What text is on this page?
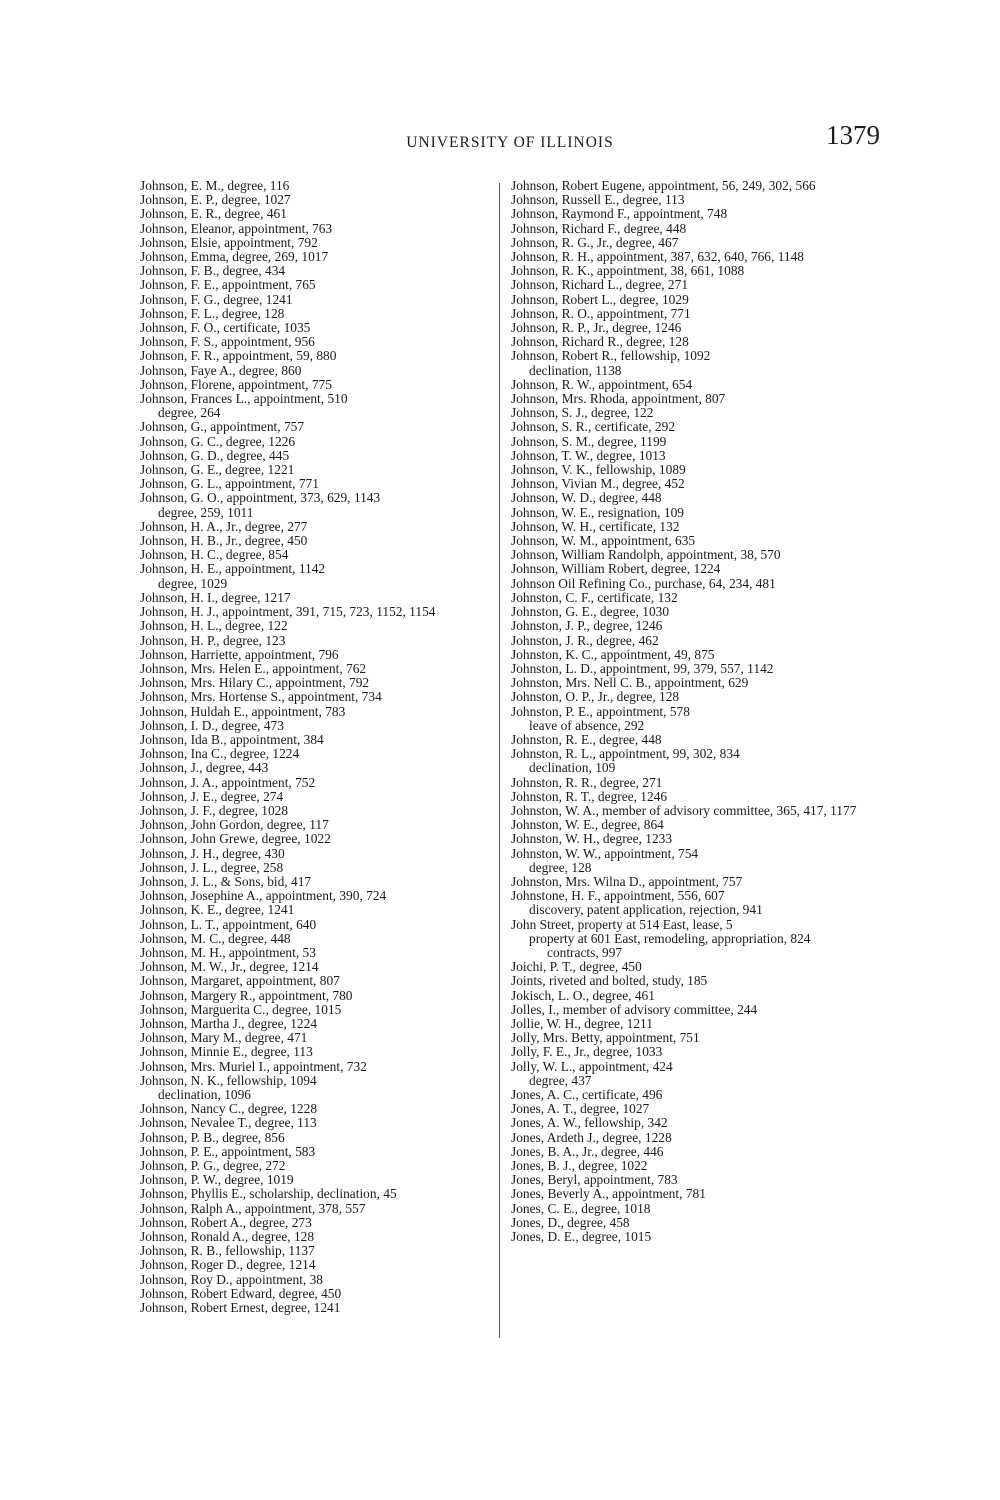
UNIVERSITY OF ILLINOIS	1379
Johnson, E. M., degree, 116
Johnson, E. P., degree, 1027
Johnson, E. R., degree, 461
Johnson, Eleanor, appointment, 763
Johnson, Elsie, appointment, 792
Johnson, Emma, degree, 269, 1017
Johnson, F. B., degree, 434
Johnson, F. E., appointment, 765
Johnson, F. G., degree, 1241
Johnson, F. L., degree, 128
Johnson, F. O., certificate, 1035
Johnson, F. S., appointment, 956
Johnson, F. R., appointment, 59, 880
Johnson, Faye A., degree, 860
Johnson, Florene, appointment, 775
Johnson, Frances L., appointment, 510
degree, 264
Johnson, G., appointment, 757
Johnson, G. C., degree, 1226
Johnson, G. D., degree, 445
Johnson, G. E., degree, 1221
Johnson, G. L., appointment, 771
Johnson, G. O., appointment, 373, 629, 1143
degree, 259, 1011
Johnson, H. A., Jr., degree, 277
Johnson, H. B., Jr., degree, 450
Johnson, H. C., degree, 854
Johnson, H. E., appointment, 1142
degree, 1029
Johnson, H. I., degree, 1217
Johnson, H. J., appointment, 391, 715, 723, 1152, 1154
Johnson, H. L., degree, 122
Johnson, H. P., degree, 123
Johnson, Harriette, appointment, 796
Johnson, Mrs. Helen E., appointment, 762
Johnson, Mrs. Hilary C., appointment, 792
Johnson, Mrs. Hortense S., appointment, 734
Johnson, Huldah E., appointment, 783
Johnson, I. D., degree, 473
Johnson, Ida B., appointment, 384
Johnson, Ina C., degree, 1224
Johnson, J., degree, 443
Johnson, J. A., appointment, 752
Johnson, J. E., degree, 274
Johnson, J. F., degree, 1028
Johnson, John Gordon, degree, 117
Johnson, John Grewe, degree, 1022
Johnson, J. H., degree, 430
Johnson, J. L., degree, 258
Johnson, J. L., & Sons, bid, 417
Johnson, Josephine A., appointment, 390, 724
Johnson, K. E., degree, 1241
Johnson, L. T., appointment, 640
Johnson, M. C., degree, 448
Johnson, M. H., appointment, 53
Johnson, M. W., Jr., degree, 1214
Johnson, Margaret, appointment, 807
Johnson, Margery R., appointment, 780
Johnson, Marguerita C., degree, 1015
Johnson, Martha J., degree, 1224
Johnson, Mary M., degree, 471
Johnson, Minnie E., degree, 113
Johnson, Mrs. Muriel I., appointment, 732
Johnson, N. K., fellowship, 1094
declination, 1096
Johnson, Nancy C., degree, 1228
Johnson, Nevalee T., degree, 113
Johnson, P. B., degree, 856
Johnson, P. E., appointment, 583
Johnson, P. G., degree, 272
Johnson, P. W., degree, 1019
Johnson, Phyllis E., scholarship, declination, 45
Johnson, Ralph A., appointment, 378, 557
Johnson, Robert A., degree, 273
Johnson, Ronald A., degree, 128
Johnson, R. B., fellowship, 1137
Johnson, Roger D., degree, 1214
Johnson, Roy D., appointment, 38
Johnson, Robert Edward, degree, 450
Johnson, Robert Ernest, degree, 1241
Johnson, Robert Eugene, appointment, 56, 249, 302, 566
Johnson, Russell E., degree, 113
Johnson, Raymond F., appointment, 748
Johnson, Richard F., degree, 448
Johnson, R. G., Jr., degree, 467
Johnson, R. H., appointment, 387, 632, 640, 766, 1148
Johnson, R. K., appointment, 38, 661, 1088
Johnson, Richard L., degree, 271
Johnson, Robert L., degree, 1029
Johnson, R. O., appointment, 771
Johnson, R. P., Jr., degree, 1246
Johnson, Richard R., degree, 128
Johnson, Robert R., fellowship, 1092
declination, 1138
Johnson, R. W., appointment, 654
Johnson, Mrs. Rhoda, appointment, 807
Johnson, S. J., degree, 122
Johnson, S. R., certificate, 292
Johnson, S. M., degree, 1199
Johnson, T. W., degree, 1013
Johnson, V. K., fellowship, 1089
Johnson, Vivian M., degree, 452
Johnson, W. D., degree, 448
Johnson, W. E., resignation, 109
Johnson, W. H., certificate, 132
Johnson, W. M., appointment, 635
Johnson, William Randolph, appointment, 38, 570
Johnson, William Robert, degree, 1224
Johnson Oil Refining Co., purchase, 64, 234, 481
Johnston, C. F., certificate, 132
Johnston, G. E., degree, 1030
Johnston, J. P., degree, 1246
Johnston, J. R., degree, 462
Johnston, K. C., appointment, 49, 875
Johnston, L. D., appointment, 99, 379, 557, 1142
Johnston, Mrs. Nell C. B., appointment, 629
Johnston, O. P., Jr., degree, 128
Johnston, P. E., appointment, 578
leave of absence, 292
Johnston, R. E., degree, 448
Johnston, R. L., appointment, 99, 302, 834
declination, 109
Johnston, R. R., degree, 271
Johnston, R. T., degree, 1246
Johnston, W. A., member of advisory committee, 365, 417, 1177
Johnston, W. E., degree, 864
Johnston, W. H., degree, 1233
Johnston, W. W., appointment, 754
degree, 128
Johnston, Mrs. Wilna D., appointment, 757
Johnstone, H. F., appointment, 556, 607
discovery, patent application, rejection, 941
John Street, property at 514 East, lease, 5
property at 601 East, remodeling, appropriation, 824
contracts, 997
Joichi, P. T., degree, 450
Joints, riveted and bolted, study, 185
Jokisch, L. O., degree, 461
Jolles, I., member of advisory committee, 244
Jollie, W. H., degree, 1211
Jolly, Mrs. Betty, appointment, 751
Jolly, F. E., Jr., degree, 1033
Jolly, W. L., appointment, 424
degree, 437
Jones, A. C., certificate, 496
Jones, A. T., degree, 1027
Jones, A. W., fellowship, 342
Jones, Ardeth J., degree, 1228
Jones, B. A., Jr., degree, 446
Jones, B. J., degree, 1022
Jones, Beryl, appointment, 783
Jones, Beverly A., appointment, 781
Jones, C. E., degree, 1018
Jones, D., degree, 458
Jones, D. E., degree, 1015
